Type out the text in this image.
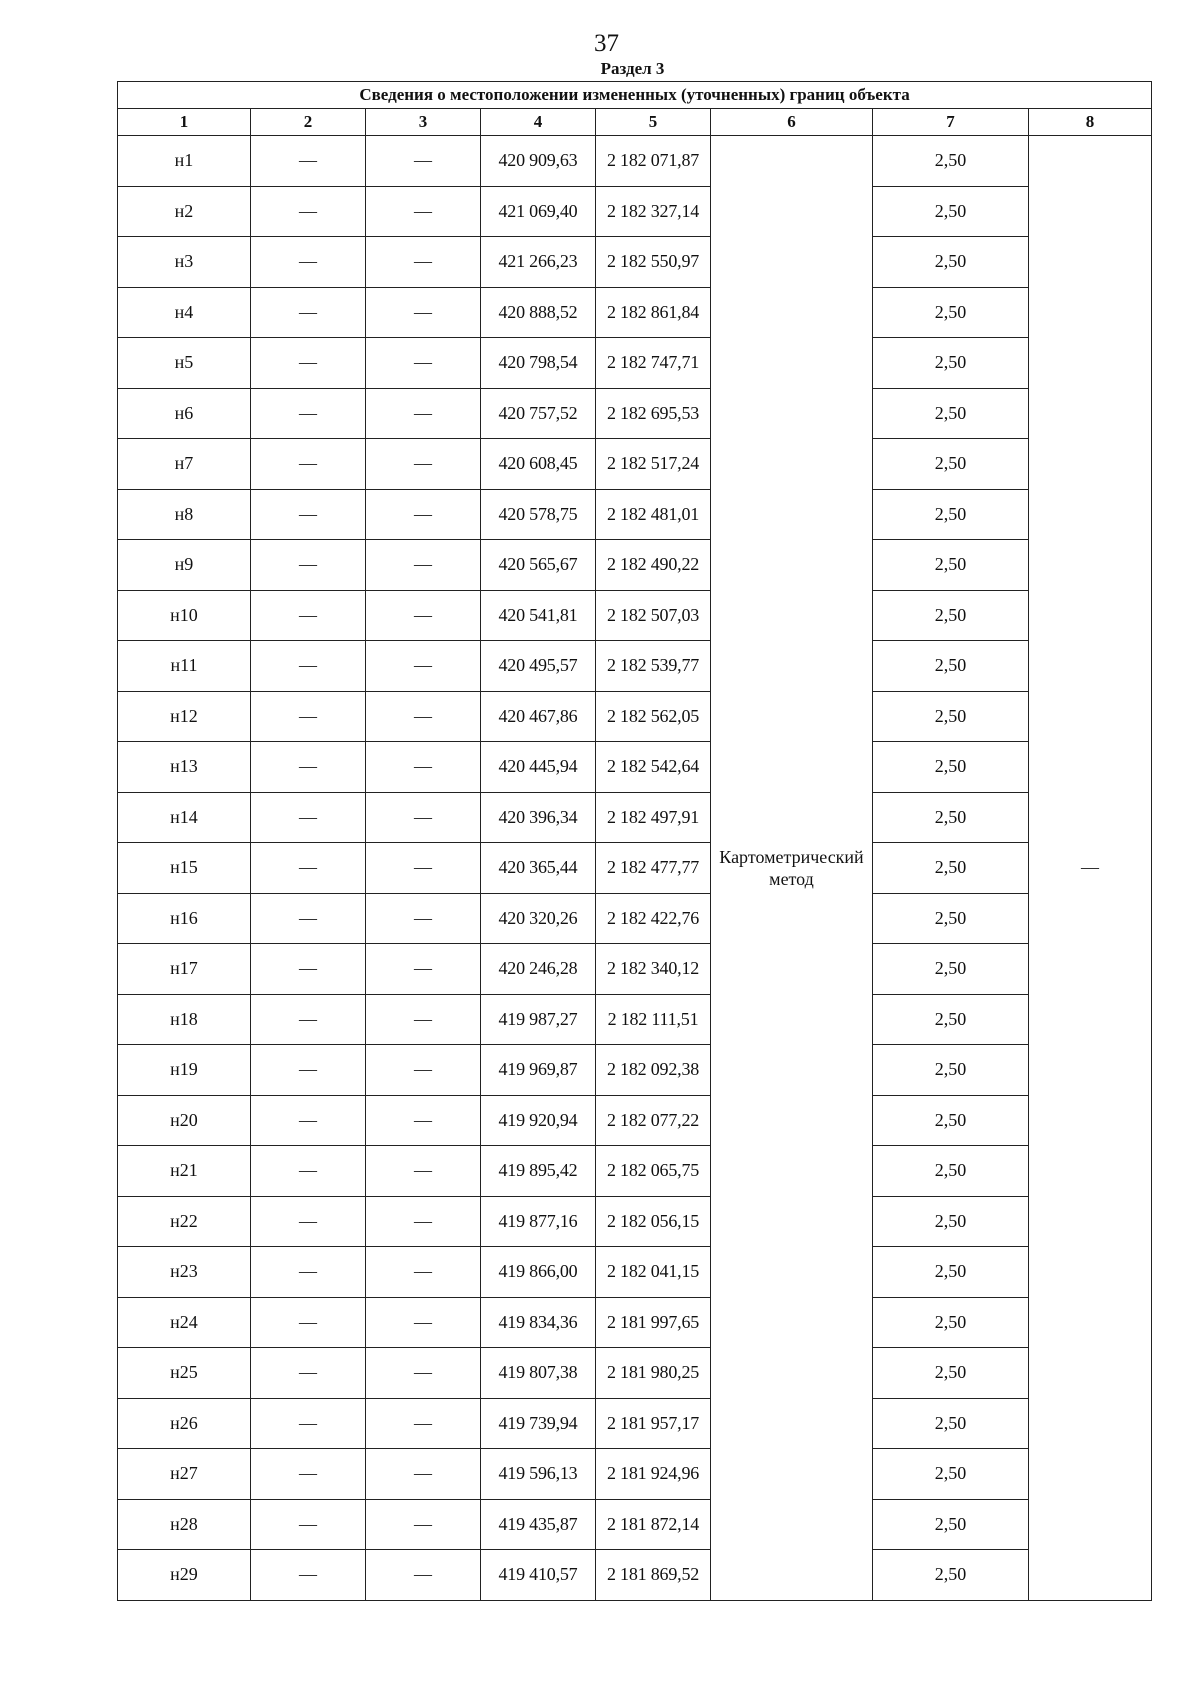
37
Раздел 3
Сведения о местоположении измененных (уточненных) границ объекта							
1	2	3	4	5	6	7	8
н1	—	—	420 909,63	2 182 071,87	Картометрический метод	2,50	—
н2	—	—	421 069,40	2 182 327,14		2,50	
н3	—	—	421 266,23	2 182 550,97		2,50	
н4	—	—	420 888,52	2 182 861,84		2,50	
н5	—	—	420 798,54	2 182 747,71		2,50	
н6	—	—	420 757,52	2 182 695,53		2,50	
н7	—	—	420 608,45	2 182 517,24		2,50	
н8	—	—	420 578,75	2 182 481,01		2,50	
н9	—	—	420 565,67	2 182 490,22		2,50	
н10	—	—	420 541,81	2 182 507,03		2,50	
н11	—	—	420 495,57	2 182 539,77		2,50	
н12	—	—	420 467,86	2 182 562,05		2,50	
н13	—	—	420 445,94	2 182 542,64		2,50	
н14	—	—	420 396,34	2 182 497,91		2,50	
н15	—	—	420 365,44	2 182 477,77		2,50	
н16	—	—	420 320,26	2 182 422,76		2,50	
н17	—	—	420 246,28	2 182 340,12		2,50	
н18	—	—	419 987,27	2 182 111,51		2,50	
н19	—	—	419 969,87	2 182 092,38		2,50	
н20	—	—	419 920,94	2 182 077,22		2,50	
н21	—	—	419 895,42	2 182 065,75		2,50	
н22	—	—	419 877,16	2 182 056,15		2,50	
н23	—	—	419 866,00	2 182 041,15		2,50	
н24	—	—	419 834,36	2 181 997,65		2,50	
н25	—	—	419 807,38	2 181 980,25		2,50	
н26	—	—	419 739,94	2 181 957,17		2,50	
н27	—	—	419 596,13	2 181 924,96		2,50	
н28	—	—	419 435,87	2 181 872,14		2,50	
н29	—	—	419 410,57	2 181 869,52		2,50	
